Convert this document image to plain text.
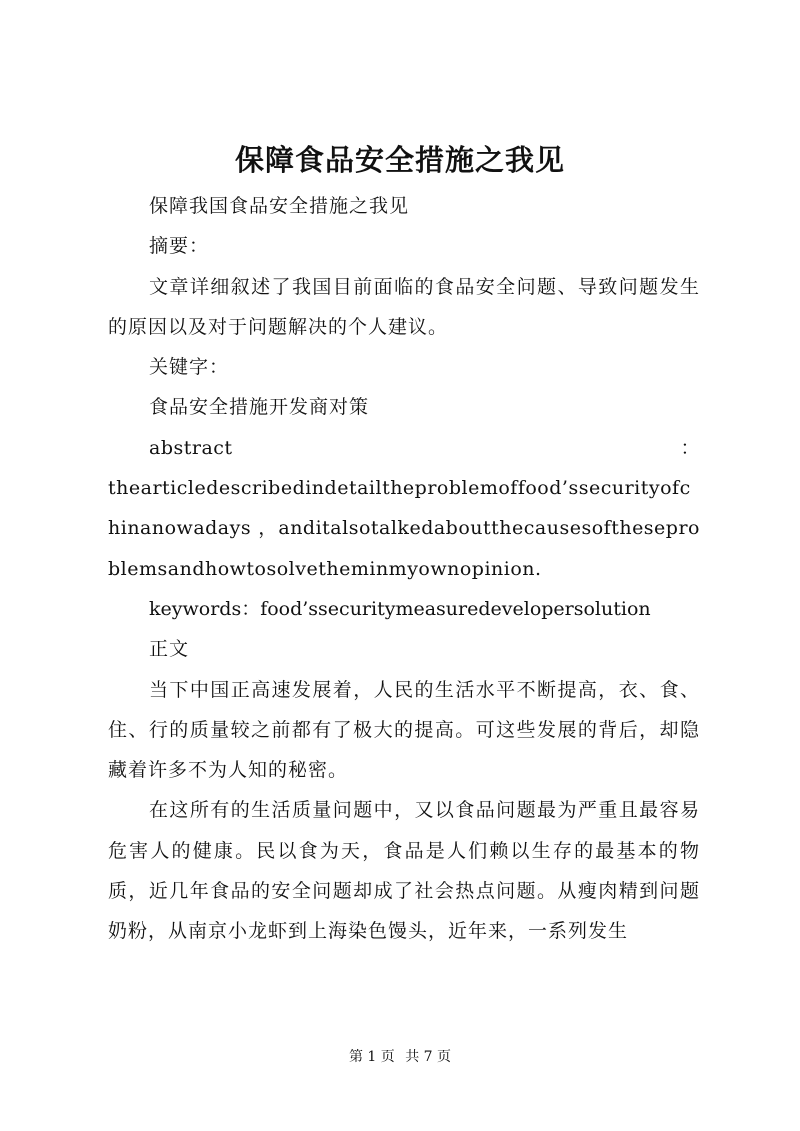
保障食品安全措施之我见

保障我国食品安全措施之我见

摘要：

文章详细叙述了我国目前面临的食品安全问题、导致问题发生的原因以及对于问题解决的个人建议。

关键字：

食品安全措施开发商对策

abstract                                                    ：

thearticledescribedindetailtheproblemoffood’ssecurityofchinanowadays ，anditalsotalkedaboutthecausesoftheseproblemsandhowtosolvetheminmyownopinion.

keywords：food’ssecuritymeasuredevelopersolution

正文

当下中国正高速发展着，人民的生活水平不断提高，衣、食、住、行的质量较之前都有了极大的提高。可这些发展的背后，却隐藏着许多不为人知的秘密。

在这所有的生活质量问题中，又以食品问题最为严重且最容易危害人的健康。民以食为天，食品是人们赖以生存的最基本的物质，近几年食品的安全问题却成了社会热点问题。从瘦肉精到问题奶粉，从南京小龙虾到上海染色馒头，近年来，一系列发生

第 1 页 共 7 页
